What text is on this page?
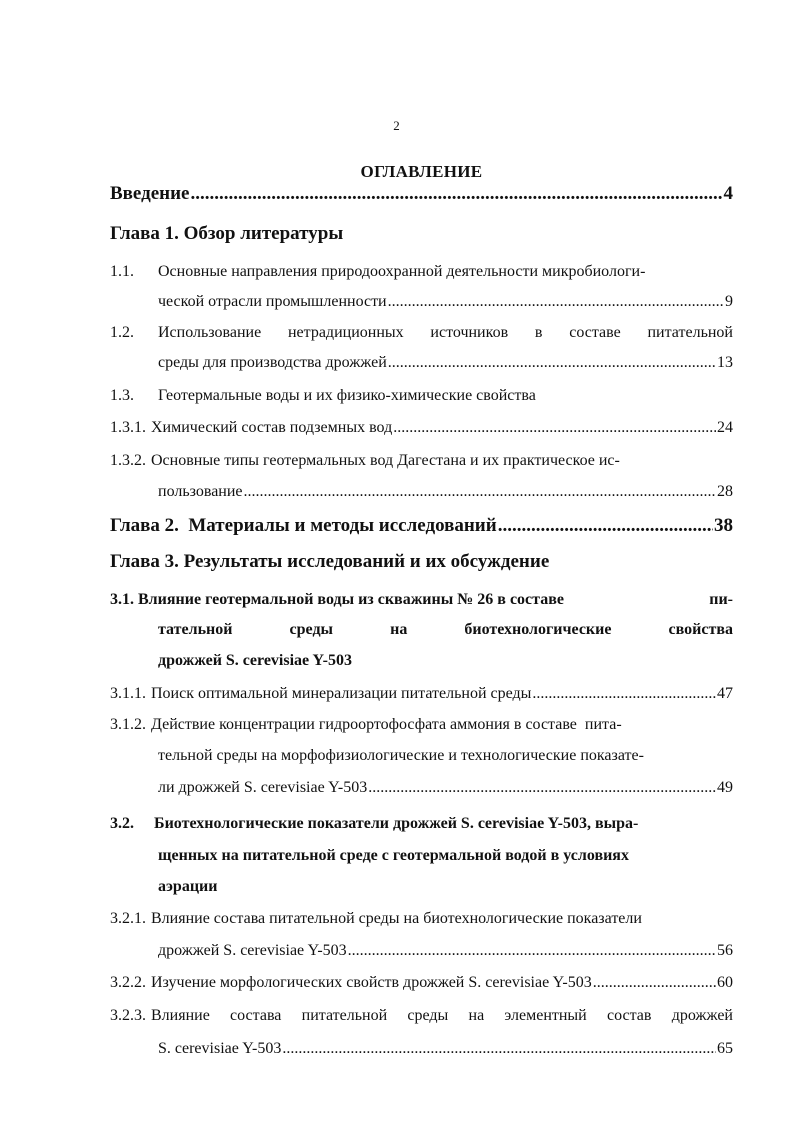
2
ОГЛАВЛЕНИЕ
Введение .....	4
Глава 1. Обзор литературы
1.1. Основные направления природоохранной деятельности микробиологи-
ческой отрасли промышленности .....	9
1.2. Использование нетрадиционных источников в составе питательной
среды для производства дрожжей .....	13
1.3. Геотермальные воды и их физико-химические свойства
1.3.1. Химический состав подземных вод .....	24
1.3.2. Основные типы геотермальных вод Дагестана и их практическое ис-
пользование .....	28
Глава 2.  Материалы и методы исследований .....	38
Глава 3. Результаты исследований и их обсуждение
3.1. Влияние геотермальной воды из скважины № 26 в составе	пи-
тательной	среды	на	биотехнологические	свойства
дрожжей S. cerevisiae Y-503
3.1.1. Поиск оптимальной минерализации питательной среды .....	47
3.1.2. Действие концентрации гидроортофосфата аммония в составе  пита-
тельной среды на морфофизиологические и технологические показате-
ли дрожжей S. cerevisiae Y-503 .....	49
3.2. Биотехнологические показатели дрожжей S. cerevisiae Y-503, выра-
щенных на питательной среде с геотермальной водой в условиях
аэрации
3.2.1. Влияние состава питательной среды на биотехнологические показатели
дрожжей S. cerevisiae Y-503 .....	56
3.2.2. Изучение морфологических свойств дрожжей S. cerevisiae Y-503 .....	60
3.2.3. Влияние состава питательной среды на элементный состав дрожжей
S. cerevisiae Y-503 .....	65
